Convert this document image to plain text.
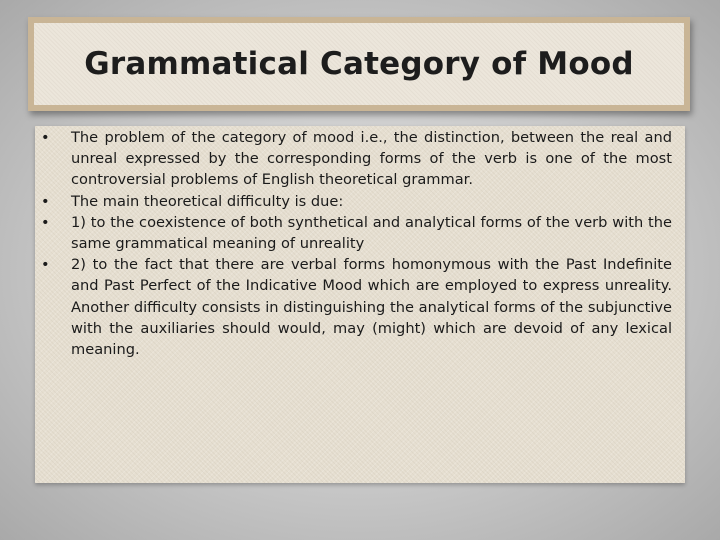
Grammatical Category of Mood
• The problem of the category of mood i.e., the distinction, between the real and unreal expressed by the corresponding forms of the verb is one of the most controversial problems of English theoretical grammar.
• The main theoretical difficulty is due:
• 1) to the coexistence of both synthetical and analytical forms of the verb with the same grammatical meaning of unreality
• 2) to the fact that there are verbal forms homonymous with the Past Indefinite and Past Perfect of the Indicative Mood which are employed to express unreality. Another difficulty consists in distinguishing the analytical forms of the subjunctive with the auxiliaries should would, may (might) which are devoid of any lexical meaning.
